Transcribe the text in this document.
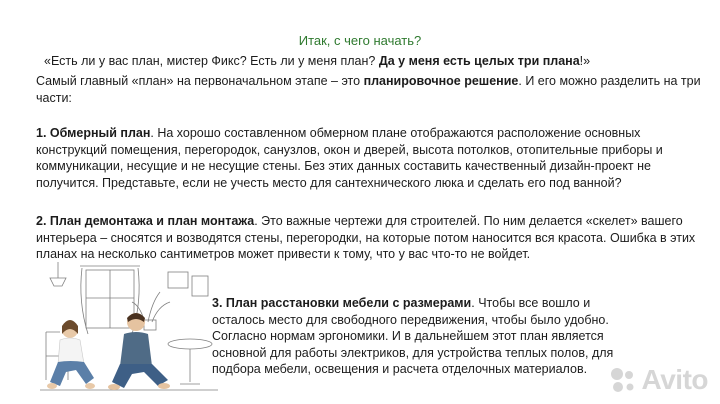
Итак, с чего начать?
«Есть ли у вас план, мистер Фикс? Есть ли у меня план? Да у меня есть целых три плана!»
Самый главный «план» на первоначальном этапе – это планировочное решение. И его можно разделить на три части:
1. Обмерный план. На хорошо составленном обмерном плане отображаются расположение основных конструкций помещения, перегородок, санузлов, окон и дверей, высота потолков, отопительные приборы и коммуникации, несущие и не несущие стены. Без этих данных составить качественный дизайн-проект не получится. Представьте, если не учесть место для сантехнического люка и сделать его под ванной?
2. План демонтажа и план монтажа. Это важные чертежи для строителей. По ним делается «скелет» вашего интерьера – сносятся и возводятся стены, перегородки, на которые потом наносится вся красота. Ошибка в этих планах на несколько сантиметров может привести к тому, что у вас что-то не войдет.
3. План расстановки мебели с размерами. Чтобы все вошло и осталось место для свободного передвижения, чтобы было удобно. Согласно нормам эргономики. И в дальнейшем этот план является основной для работы электриков, для устройства теплых полов, для подбора мебели, освещения и расчета отделочных материалов.	Avito
